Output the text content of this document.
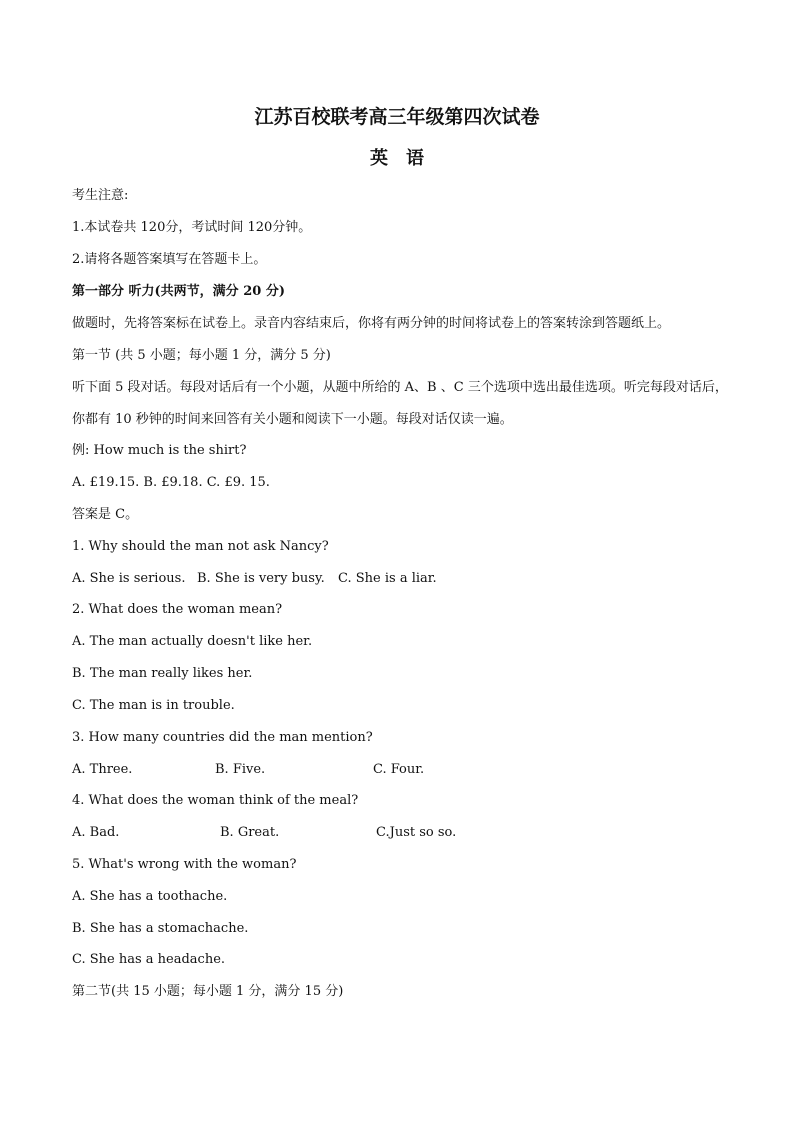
江苏百校联考高三年级第四次试卷
英语
考生注意:
1.本试卷共 120分，考试时间 120分钟。
2.请将各题答案填写在答题卡上。
第一部分 听力(共两节，满分 20 分)
做题时，先将答案标在试卷上。录音内容结束后，你将有两分钟的时间将试卷上的答案转涂到答题纸上。
第一节 (共 5 小题；每小题 1 分，满分 5 分)
听下面 5 段对话。每段对话后有一个小题，从题中所给的 A、B 、C 三个选项中选出最佳选项。听完每段对话后，你都有 10 秒钟的时间来回答有关小题和阅读下一小题。每段对话仅读一遍。
例: How much is the shirt?
A. £19.15. B. £9.18. C. £9. 15.
答案是 C。
1. Why should the man not ask Nancy?
A. She is serious. B. She is very busy. C. She is a liar.
2. What does the woman mean?
A. The man actually doesn't like her.
B. The man really likes her.
C. The man is in trouble.
3. How many countries did the man mention?
A. Three.	B. Five.	C. Four.
4. What does the woman think of the meal?
A. Bad.	B. Great.	C.Just so so.
5. What's wrong with the woman?
A. She has a toothache.
B. She has a stomachache.
C. She has a headache.
第二节(共 15 小题；每小题 1 分，满分 15 分)
